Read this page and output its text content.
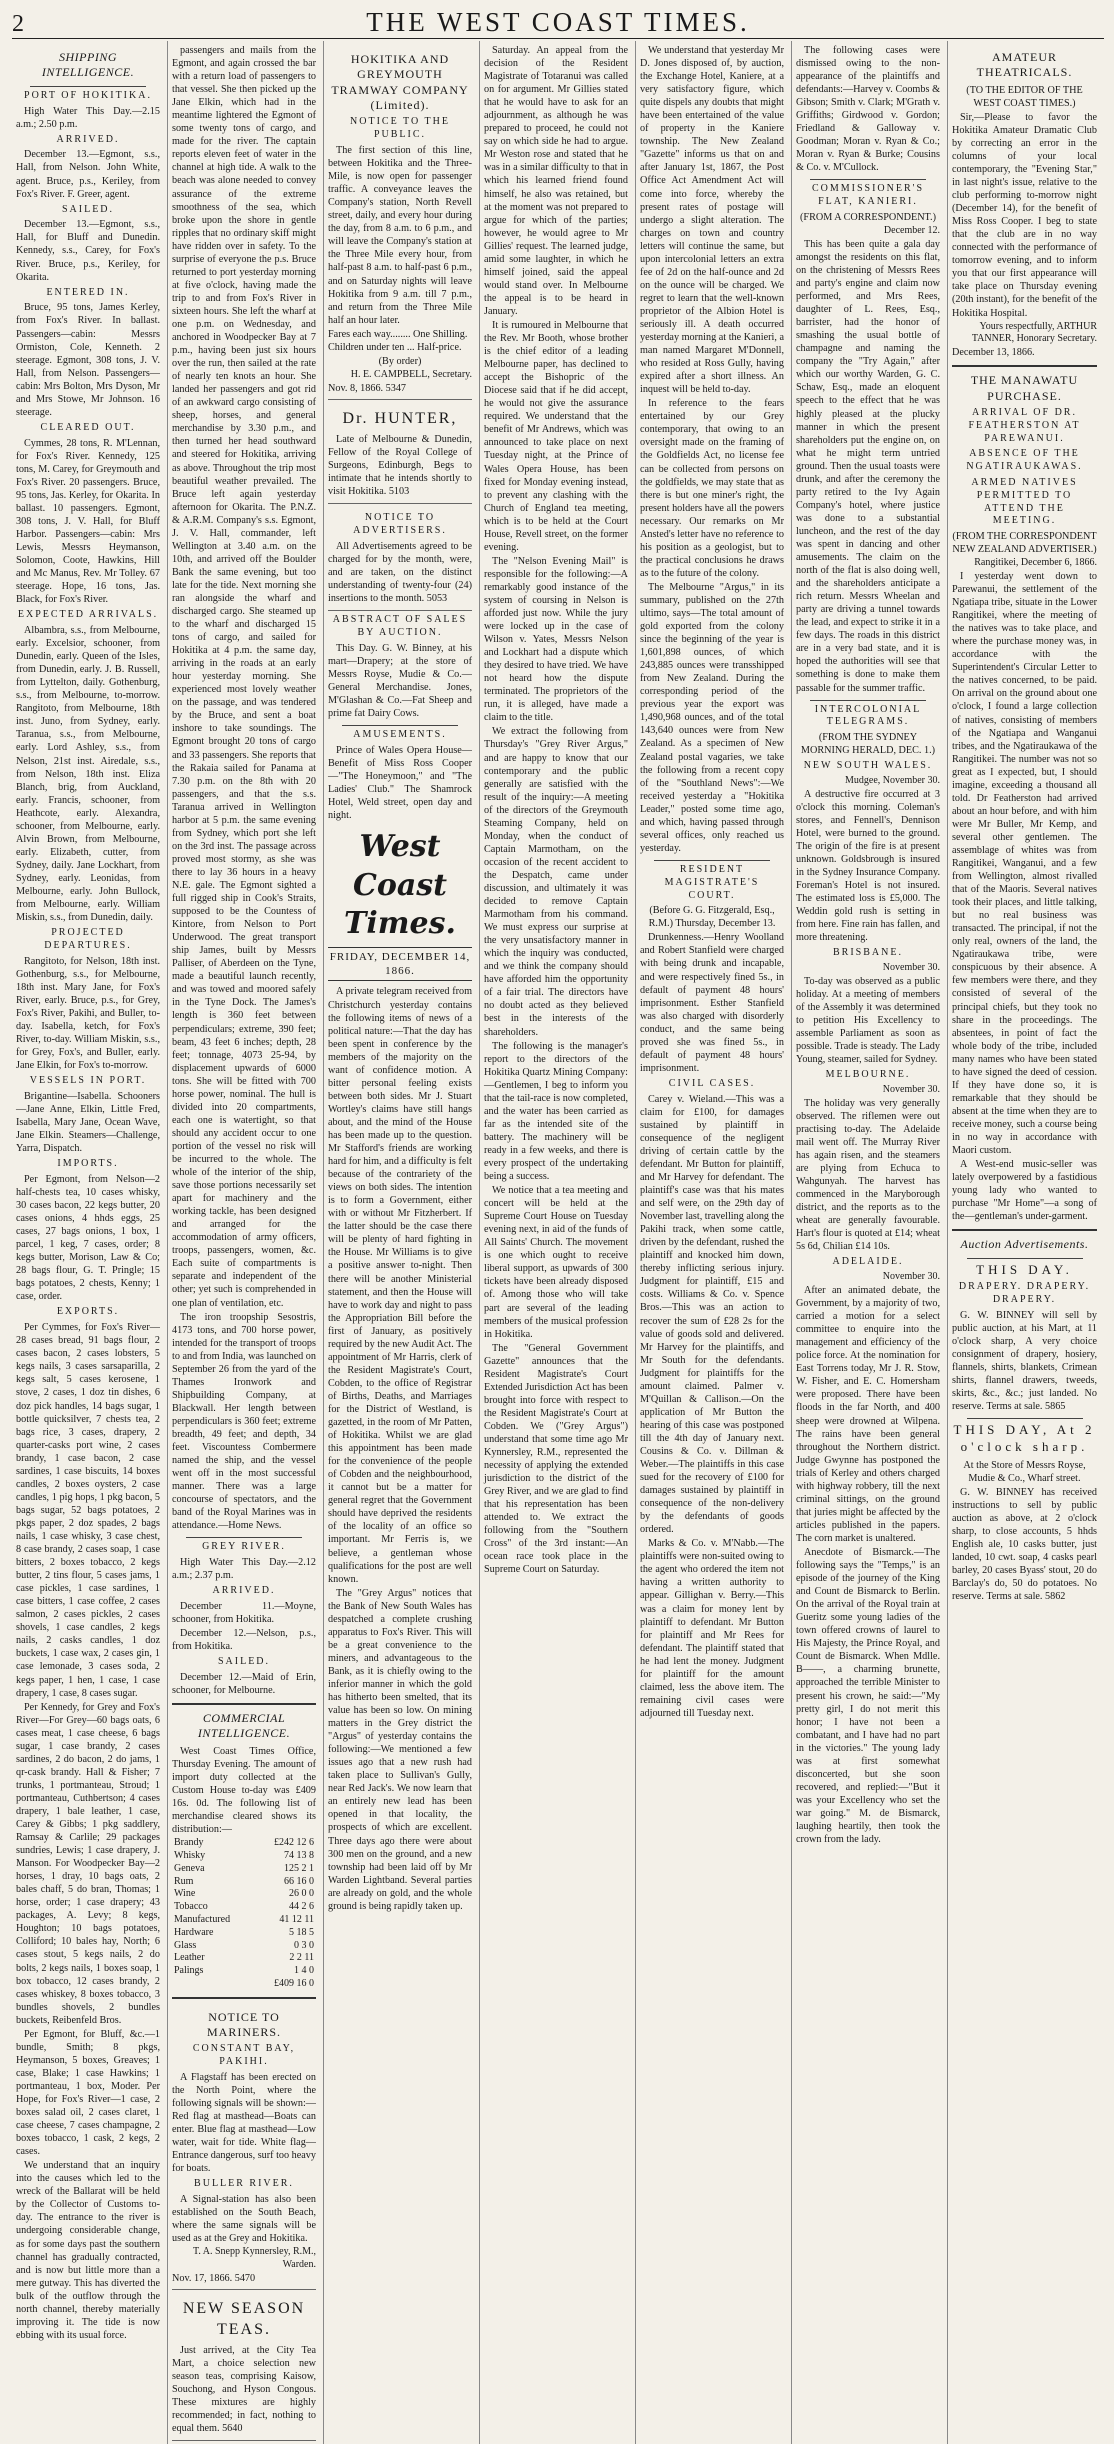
2	THE WEST COAST TIMES.
SHIPPING INTELLIGENCE.
PORT OF HOKITIKA.

High Water This Day.—2.15 a.m.; 2.50 p.m.

ARRIVED.

December 13.—Egmont, s.s., Hall, from Nelson. John White, agent. Bruce, p.s., Keriley, from Fox's River. F. Greer, agent.

SAILED.

December 13.—Egmont, s.s., Hall, for Bluff and Dunedin. Kennedy, s.s., Carey, for Fox's River. Bruce, p.s., Keriley, for Okarita.

ENTERED IN.

Bruce, 95 tons, James Kerley, from Fox's River. In ballast. Passengers—cabin: Messrs Ormiston, Cole, Kenneth. 2 steerage. Egmont, 308 tons, J. V. Hall, from Nelson. Passengers—cabin: Mrs Bolton, Mrs Dyson, Mr and Mrs Stowe, Mr Johnson. 16 steerage.

CLEARED OUT.

Cymmes, 28 tons, R. M'Lennan, for Fox's River. Kennedy, 125 tons, M. Carey, for Greymouth and Fox's River. 20 passengers. Bruce, 95 tons, Jas. Kerley, for Okarita. In ballast. 10 passengers. Egmont, 308 tons, J. V. Hall, for Bluff Harbor. Passengers—cabin: Mrs Lewis, Messrs Heymanson, Solomon, Coote, Hawkins, Hill and Mc Manus, Rev. Mr Tolley. 67 steerage. Hope, 16 tons, Jas. Black, for Fox's River.

EXPECTED ARRIVALS.

Albambra, s.s., from Melbourne, early. Excelsior, schooner, from Dunedin, early. Queen of the Isles, from Dunedin, early. J. B. Russell, from Lyttelton, daily. Gothenburg, s.s., from Melbourne, to-morrow. Rangitoto, from Melbourne, 18th inst. Juno, from Sydney, early. Taranua, s.s., from Melbourne, early. Lord Ashley, s.s., from Nelson, 21st inst. Airedale, s.s., from Nelson, 18th inst. Eliza Blanch, brig, from Auckland, early. Francis, schooner, from Heathcote, early. Alexandra, schooner, from Melbourne, early. Alvin Brown, from Melbourne, early. Elizabeth, cutter, from Sydney, daily. Jane Lockhart, from Sydney, early. Leonidas, from Melbourne, early. John Bullock, from Melbourne, early. William Miskin, s.s., from Dunedin, daily.

PROJECTED DEPARTURES.

Rangitoto, for Nelson, 18th inst. Gothenburg, s.s., for Melbourne, 18th inst. Mary Jane, for Fox's River, early. Bruce, p.s., for Grey, Fox's River, Pakihi, and Buller, to-day. Isabella, ketch, for Fox's River, to-day. William Miskin, s.s., for Grey, Fox's, and Buller, early. Jane Elkin, for Fox's to-morrow.

VESSELS IN PORT.

Brigantine—Isabella. Schooners—Jane Anne, Elkin, Little Fred, Isabella, Mary Jane, Ocean Wave, Jane Elkin. Steamers—Challenge, Yarra, Dispatch.

IMPORTS.

Per Egmont, from Nelson—2 half-chests tea, 10 cases whisky, 30 cases bacon, 22 kegs butter, 20 cases onions, 4 hhds eggs, 25 cases, 27 bags onions, 1 box, 1 parcel, 1 keg, 7 cases, order; 8 kegs butter, Morison, Law & Co; 28 bags flour, G. T. Pringle; 15 bags potatoes, 2 chests, Kenny; 1 case, order.

EXPORTS.

Per Cymmes, for Fox's River—28 cases bread, 91 bags flour, 2 cases bacon, 2 cases lobsters, 5 kegs nails, 3 cases sarsaparilla, 2 kegs salt, 5 cases kerosene, 1 stove, 2 cases, 1 doz tin dishes, 6 doz pick handles, 14 bags sugar, 1 bottle quicksilver, 7 chests tea, 2 bags rice, 3 cases, drapery, 2 quarter-casks port wine, 2 cases brandy, 1 case bacon, 2 case sardines, 1 case biscuits, 14 boxes candles, 2 boxes oysters, 2 case candles, 1 pig hops, 1 pkg bacon, 5 bags sugar, 52 bags potatoes, 2 pkgs paper, 2 doz spades, 2 bags nails, 1 case whisky, 3 case chest, 8 case brandy, 2 cases soap, 1 case bitters, 2 boxes tobacco, 2 kegs butter, 2 tins flour, 5 cases jams, 1 case pickles, 1 case sardines, 1 case bitters, 1 case coffee, 2 cases salmon, 2 cases pickles, 2 cases shovels, 1 case candles, 2 kegs nails, 2 casks candles, 1 doz buckets, 1 case wax, 2 cases gin, 1 case lemonade, 3 cases soda, 2 kegs paper, 1 hen, 1 case, 1 case drapery, 1 case, 8 cases sugar.

Per Kennedy, for Grey and Fox's River—For Grey—60 bags oats, 6 cases meat, 1 case cheese, 6 bags sugar, 1 case brandy, 2 cases sardines, 2 do bacon, 2 do jams, 1 qr-cask brandy. Hall & Fisher; 7 trunks, 1 portmanteau, Stroud; 1 portmanteau, Cuthbertson; 4 cases drapery, 1 bale leather, 1 case, Carey & Gibbs; 1 pkg saddlery, Ramsay & Carlile; 29 packages sundries, Lewis; 1 case drapery, J. Manson. For Woodpecker Bay—2 horses, 1 dray, 10 bags oats, 2 bales chaff, 5 do bran, Thomas; 1 horse, order; 1 case drapery; 43 packages, A. Levy; 8 kegs, Houghton; 10 bags potatoes, Colliford; 10 bales hay, North; 6 cases stout, 5 kegs nails, 2 do bolts, 2 kegs nails, 1 boxes soap, 1 box tobacco, 12 cases brandy, 2 cases whiskey, 8 boxes tobacco, 3 bundles shovels, 2 bundles buckets, Reibenfeld Bros.

Per Egmont, for Bluff, &c.—1 bundle, Smith; 8 pkgs, Heymanson, 5 boxes, Greaves; 1 case, Blake; 1 case Hawkins; 1 portmanteau, 1 box, Moder. Per Hope, for Fox's River—1 case, 2 boxes salad oil, 2 cases claret, 1 case cheese, 7 cases champagne, 2 boxes tobacco, 1 cask, 2 kegs, 2 cases.

We understand that an inquiry into the causes which led to the wreck of the Ballarat will be held by the Collector of Customs to-day. The entrance to the river is undergoing considerable change, as for some days past the southern channel has gradually contracted, and is now but little more than a mere gutway. This has diverted the bulk of the outflow through the north channel, thereby materially improving it. The tide is now ebbing with its usual force.

passengers and mails from the Egmont, and again crossed the bar with a return load of passengers to that vessel. She then picked up the Jane Elkin, which had in the meantime lightered the Egmont of some twenty tons of cargo, and made for the river. The captain reports eleven feet of water in the channel at high tide. A walk to the beach was alone needed to convey assurance of the extreme smoothness of the sea, which broke upon the shore in gentle ripples that no ordinary skiff might have ridden over in safety. To the surprise of everyone the p.s. Bruce returned to port yesterday morning at five o'clock, having made the trip to and from Fox's River in sixteen hours. She left the wharf at one p.m. on Wednesday, and anchored in Woodpecker Bay at 7 p.m., having been just six hours over the run, then sailed at the rate of nearly ten knots an hour. She landed her passengers and got rid of an awkward cargo consisting of sheep, horses, and general merchandise by 3.30 p.m., and then turned her head southward and steered for Hokitika, arriving as above. Throughout the trip most beautiful weather prevailed. The Bruce left again yesterday afternoon for Okarita. The P.N.Z. & A.R.M. Company's s.s. Egmont, J. V. Hall, commander, left Wellington at 3.40 a.m. on the 10th, and arrived off the Boulder Bank the same evening, but too late for the tide. Next morning she ran alongside the wharf and discharged cargo. She steamed up to the wharf and discharged 15 tons of cargo, and sailed for Hokitika at 4 p.m. the same day, arriving in the roads at an early hour yesterday morning. She experienced most lovely weather on the passage, and was tendered by the Bruce, and sent a boat inshore to take soundings. The Egmont brought 20 tons of cargo and 33 passengers. She reports that the Rakaia sailed for Panama at 7.30 p.m. on the 8th with 20 passengers, and that the s.s. Taranua arrived in Wellington harbor at 5 p.m. the same evening from Sydney, which port she left on the 3rd inst. The passage across proved most stormy, as she was there to lay 36 hours in a heavy N.E. gale. The Egmont sighted a full rigged ship in Cook's Straits, supposed to be the Countess of Kintore, from Nelson to Port Underwood. The great transport ship James, built by Messrs Palliser, of Aberdeen on the Tyne, made a beautiful launch recently, and was towed and moored safely in the Tyne Dock. The James's length is 360 feet between perpendiculars; extreme, 390 feet; beam, 43 feet 6 inches; depth, 28 feet; tonnage, 4073 25-94, by displacement upwards of 6000 tons. She will be fitted with 700 horse power, nominal. The hull is divided into 20 compartments, each one is watertight, so that should any accident occur to one portion of the vessel no risk will be incurred to the whole. The whole of the interior of the ship, save those portions necessarily set apart for machinery and the working tackle, has been designed and arranged for the accommodation of army officers, troops, passengers, women, &c. Each suite of compartments is separate and independent of the other; yet such is comprehended in one plan of ventilation, etc.

The iron troopship Sesostris, 4173 tons, and 700 horse power, intended for the transport of troops to and from India, was launched on September 26 from the yard of the Thames Ironwork and Shipbuilding Company, at Blackwall. Her length between perpendiculars is 360 feet; extreme breadth, 49 feet; and depth, 34 feet. Viscountess Combermere named the ship, and the vessel went off in the most successful manner. There was a large concourse of spectators, and the band of the Royal Marines was in attendance.—Home News.

GREY RIVER.

High Water This Day.—2.12 a.m.; 2.37 p.m.

ARRIVED.

December 11.—Moyne, schooner, from Hokitika.

December 12.—Nelson, p.s., from Hokitika.

SAILED.

December 12.—Maid of Erin, schooner, for Melbourne.

COMMERCIAL INTELLIGENCE.

West Coast Times Office, Thursday Evening. The amount of import duty collected at the Custom House to-day was £409 16s. 0d. The following list of merchandise cleared shows its distribution:—

Brandy	£242 12 6
Whisky	74 13 8
Geneva	125 2 1
Rum	66 16 0
Wine	26 0 0
Tobacco	44 2 6
Manufactured	41 12 11
Hardware	5 18 5
Glass	0 3 0
Leather	2 2 11
Palings	1 4 0
	£409 16 0
NOTICE TO MARINERS.
CONSTANT BAY, PAKIHI.

A Flagstaff has been erected on the North Point, where the following signals will be shown:— Red flag at masthead—Boats can enter. Blue flag at masthead—Low water, wait for tide. White flag—Entrance dangerous, surf too heavy for boats.

BULLER RIVER.

A Signal-station has also been established on the South Beach, where the same signals will be used as at the Grey and Hokitika.

T. A. Snepp Kynnersley, R.M., Warden.
Nov. 17, 1866. 5470
NEW SEASON TEAS.

Just arrived, at the City Tea Mart, a choice selection new season teas, comprising Kaisow, Souchong, and Hyson Congous. These mixtures are highly recommended; in fact, nothing to equal them. 5640

HOKITIKA AND GREYMOUTH TRAMWAY COMPANY (Limited).
NOTICE TO THE PUBLIC.

The first section of this line, between Hokitika and the Three-Mile, is now open for passenger traffic. A conveyance leaves the Company's station, North Revell street, daily, and every hour during the day, from 8 a.m. to 6 p.m., and will leave the Company's station at the Three Mile every hour, from half-past 8 a.m. to half-past 6 p.m., and on Saturday nights will leave Hokitika from 9 a.m. till 7 p.m., and return from the Three Mile half an hour later.

Fares each way........ One Shilling.
Children under ten ... Half-price.
(By order)
H. E. CAMPBELL, Secretary.
Nov. 8, 1866. 5347
Dr. HUNTER,

Late of Melbourne & Dunedin, Fellow of the Royal College of Surgeons, Edinburgh, Begs to intimate that he intends shortly to visit Hokitika. 5103

NOTICE TO ADVERTISERS.

All Advertisements agreed to be charged for by the month, were, and are taken, on the distinct understanding of twenty-four (24) insertions to the month. 5053

ABSTRACT OF SALES BY AUCTION.

This Day. G. W. Binney, at his mart—Drapery; at the store of Messrs Royse, Mudie & Co.—General Merchandise. Jones, M'Glashan & Co.—Fat Sheep and prime fat Dairy Cows.

AMUSEMENTS.

Prince of Wales Opera House—Benefit of Miss Ross Cooper—"The Honeymoon," and "The Ladies' Club." The Shamrock Hotel, Weld street, open day and night.

West Coast Times.
FRIDAY, DECEMBER 14, 1866.

A private telegram received from Christchurch yesterday contains the following items of news of a political nature:—That the day has been spent in conference by the members of the majority on the want of confidence motion. A bitter personal feeling exists between both sides. Mr J. Stuart Wortley's claims have still hangs about, and the mind of the House has been made up to the question. Mr Stafford's friends are working hard for him, and a difficulty is felt because of the contrariety of the views on both sides. The intention is to form a Government, either with or without Mr Fitzherbert. If the latter should be the case there will be plenty of hard fighting in the House. Mr Williams is to give a positive answer to-night. Then there will be another Ministerial statement, and then the House will have to work day and night to pass the Appropriation Bill before the first of January, as positively required by the new Audit Act. The appointment of Mr Harris, clerk of the Resident Magistrate's Court, Cobden, to the office of Registrar of Births, Deaths, and Marriages for the District of Westland, is gazetted, in the room of Mr Patten, of Hokitika. Whilst we are glad this appointment has been made for the convenience of the people of Cobden and the neighbourhood, it cannot but be a matter for general regret that the Government should have deprived the residents of the locality of an office so important. Mr Ferris is, we believe, a gentleman whose qualifications for the post are well known.

The "Grey Argus" notices that the Bank of New South Wales has despatched a complete crushing apparatus to Fox's River. This will be a great convenience to the miners, and advantageous to the Bank, as it is chiefly owing to the inferior manner in which the gold has hitherto been smelted, that its value has been so low. On mining matters in the Grey district the "Argus" of yesterday contains the following:—We mentioned a few issues ago that a new rush had taken place to Sullivan's Gully, near Red Jack's. We now learn that an entirely new lead has been opened in that locality, the prospects of which are excellent. Three days ago there were about 300 men on the ground, and a new township had been laid off by Mr Warden Lightband. Several parties are already on gold, and the whole ground is being rapidly taken up.

Saturday. An appeal from the decision of the Resident Magistrate of Totaranui was called on for argument. Mr Gillies stated that he would have to ask for an adjournment, as although he was prepared to proceed, he could not say on which side he had to argue. Mr Weston rose and stated that he was in a similar difficulty to that in which his learned friend found himself, he also was retained, but at the moment was not prepared to argue for which of the parties; however, he would agree to Mr Gillies' request. The learned judge, amid some laughter, in which he himself joined, said the appeal would stand over. In Melbourne the appeal is to be heard in January.

It is rumoured in Melbourne that the Rev. Mr Booth, whose brother is the chief editor of a leading Melbourne paper, has declined to accept the Bishopric of the Diocese said that if he did accept, he would not give the assurance required. We understand that the benefit of Mr Andrews, which was announced to take place on next Tuesday night, at the Prince of Wales Opera House, has been fixed for Monday evening instead, to prevent any clashing with the Church of England tea meeting, which is to be held at the Court House, Revell street, on the former evening.

The "Nelson Evening Mail" is responsible for the following:—A remarkably good instance of the system of coursing in Nelson is afforded just now. While the jury were locked up in the case of Wilson v. Yates, Messrs Nelson and Lockhart had a dispute which they desired to have tried. We have not heard how the dispute terminated. The proprietors of the run, it is alleged, have made a claim to the title.

We extract the following from Thursday's "Grey River Argus," and are happy to know that our contemporary and the public generally are satisfied with the result of the inquiry:—A meeting of the directors of the Greymouth Steaming Company, held on Monday, when the conduct of Captain Marmotham, on the occasion of the recent accident to the Despatch, came under discussion, and ultimately it was decided to remove Captain Marmotham from his command. We must express our surprise at the very unsatisfactory manner in which the inquiry was conducted, and we think the company should have afforded him the opportunity of a fair trial. The directors have no doubt acted as they believed best in the interests of the shareholders.

The following is the manager's report to the directors of the Hokitika Quartz Mining Company:—Gentlemen, I beg to inform you that the tail-race is now completed, and the water has been carried as far as the intended site of the battery. The machinery will be ready in a few weeks, and there is every prospect of the undertaking being a success.

We notice that a tea meeting and concert will be held at the Supreme Court House on Tuesday evening next, in aid of the funds of All Saints' Church. The movement is one which ought to receive liberal support, as upwards of 300 tickets have been already disposed of. Among those who will take part are several of the leading members of the musical profession in Hokitika.

The "General Government Gazette" announces that the Resident Magistrate's Court Extended Jurisdiction Act has been brought into force with respect to the Resident Magistrate's Court at Cobden. We ("Grey Argus") understand that some time ago Mr Kynnersley, R.M., represented the necessity of applying the extended jurisdiction to the district of the Grey River, and we are glad to find that his representation has been attended to. We extract the following from the "Southern Cross" of the 3rd instant:—An ocean race took place in the Supreme Court on Saturday.

We understand that yesterday Mr D. Jones disposed of, by auction, the Exchange Hotel, Kaniere, at a very satisfactory figure, which quite dispels any doubts that might have been entertained of the value of property in the Kaniere township. The New Zealand "Gazette" informs us that on and after January 1st, 1867, the Post Office Act Amendment Act will come into force, whereby the present rates of postage will undergo a slight alteration. The charges on town and country letters will continue the same, but upon intercolonial letters an extra fee of 2d on the half-ounce and 2d on the ounce will be charged. We regret to learn that the well-known proprietor of the Albion Hotel is seriously ill. A death occurred yesterday morning at the Kanieri, a man named Margaret M'Donnell, who resided at Ross Gully, having expired after a short illness. An inquest will be held to-day.

In reference to the fears entertained by our Grey contemporary, that owing to an oversight made on the framing of the Goldfields Act, no license fee can be collected from persons on the goldfields, we may state that as there is but one miner's right, the present holders have all the powers necessary. Our remarks on Mr Ansted's letter have no reference to his position as a geologist, but to the practical conclusions he draws as to the future of the colony.

The Melbourne "Argus," in its summary, published on the 27th ultimo, says—The total amount of gold exported from the colony since the beginning of the year is 1,601,898 ounces, of which 243,885 ounces were transshipped from New Zealand. During the corresponding period of the previous year the export was 1,490,968 ounces, and of the total 143,640 ounces were from New Zealand. As a specimen of New Zealand postal vagaries, we take the following from a recent copy of the "Southland News":—We received yesterday a "Hokitika Leader," posted some time ago, and which, having passed through several offices, only reached us yesterday.

RESIDENT MAGISTRATE'S COURT.
(Before G. G. Fitzgerald, Esq., R.M.) Thursday, December 13.

Drunkenness.—Henry Woolland and Robert Stanfield were charged with being drunk and incapable, and were respectively fined 5s., in default of payment 48 hours' imprisonment. Esther Stanfield was also charged with disorderly conduct, and the same being proved she was fined 5s., in default of payment 48 hours' imprisonment.

CIVIL CASES.

Carey v. Wieland.—This was a claim for £100, for damages sustained by plaintiff in consequence of the negligent driving of certain cattle by the defendant. Mr Button for plaintiff, and Mr Harvey for defendant. The plaintiff's case was that his mates and self were, on the 29th day of November last, travelling along the Pakihi track, when some cattle, driven by the defendant, rushed the plaintiff and knocked him down, thereby inflicting serious injury. Judgment for plaintiff, £15 and costs. Williams & Co. v. Spence Bros.—This was an action to recover the sum of £28 2s for the value of goods sold and delivered. Mr Harvey for the plaintiffs, and Mr South for the defendants. Judgment for plaintiffs for the amount claimed. Palmer v. M'Quillan & Callison.—On the application of Mr Button the hearing of this case was postponed till the 4th day of January next. Cousins & Co. v. Dillman & Weber.—The plaintiffs in this case sued for the recovery of £100 for damages sustained by plaintiff in consequence of the non-delivery by the defendants of goods ordered.

Marks & Co. v. M'Nabb.—The plaintiffs were non-suited owing to the agent who ordered the item not having a written authority to appear. Gillighan v. Berry.—This was a claim for money lent by plaintiff to defendant. Mr Button for plaintiff and Mr Rees for defendant. The plaintiff stated that he had lent the money. Judgment for plaintiff for the amount claimed, less the above item. The remaining civil cases were adjourned till Tuesday next.

The following cases were dismissed owing to the non-appearance of the plaintiffs and defendants:—Harvey v. Coombs & Gibson; Smith v. Clark; M'Grath v. Griffiths; Girdwood v. Gordon; Friedland & Galloway v. Goodman; Moran v. Ryan & Co.; Moran v. Ryan & Burke; Cousins & Co. v. M'Cullock.

COMMISSIONER'S FLAT, KANIERI.
(FROM A CORRESPONDENT.)
December 12.

This has been quite a gala day amongst the residents on this flat, on the christening of Messrs Rees and party's engine and claim now performed, and Mrs Rees, daughter of L. Rees, Esq., barrister, had the honor of smashing the usual bottle of champagne and naming the company the "Try Again," after which our worthy Warden, G. C. Schaw, Esq., made an eloquent speech to the effect that he was highly pleased at the plucky manner in which the present shareholders put the engine on, on what he might term untried ground. Then the usual toasts were drunk, and after the ceremony the party retired to the Ivy Again Company's hotel, where justice was done to a substantial luncheon, and the rest of the day was spent in dancing and other amusements. The claim on the north of the flat is also doing well, and the shareholders anticipate a rich return. Messrs Wheelan and party are driving a tunnel towards the lead, and expect to strike it in a few days. The roads in this district are in a very bad state, and it is hoped the authorities will see that something is done to make them passable for the summer traffic.

INTERCOLONIAL TELEGRAMS.
(FROM THE SYDNEY MORNING HERALD, DEC. 1.)
NEW SOUTH WALES.
Mudgee, November 30.

A destructive fire occurred at 3 o'clock this morning. Coleman's stores, and Fennell's, Dennison Hotel, were burned to the ground. The origin of the fire is at present unknown. Goldsbrough is insured in the Sydney Insurance Company. Foreman's Hotel is not insured. The estimated loss is £5,000. The Weddin gold rush is setting in from here. Fine rain has fallen, and more threatening.

BRISBANE.
November 30.

To-day was observed as a public holiday. At a meeting of members of the Assembly it was determined to petition His Excellency to assemble Parliament as soon as possible. Trade is steady. The Lady Young, steamer, sailed for Sydney.

MELBOURNE.
November 30.

The holiday was very generally observed. The riflemen were out practising to-day. The Adelaide mail went off. The Murray River has again risen, and the steamers are plying from Echuca to Wahgunyah. The harvest has commenced in the Maryborough district, and the reports as to the wheat are generally favourable. Hart's flour is quoted at £14; wheat 5s 6d, Chilian £14 10s.

ADELAIDE.
November 30.

After an animated debate, the Government, by a majority of two, carried a motion for a select committee to enquire into the management and efficiency of the police force. At the nomination for East Torrens today, Mr J. R. Stow, W. Fisher, and E. C. Homersham were proposed. There have been floods in the far North, and 400 sheep were drowned at Wilpena. The rains have been general throughout the Northern district. Judge Gwynne has postponed the trials of Kerley and others charged with highway robbery, till the next criminal sittings, on the ground that juries might be affected by the articles published in the papers. The corn market is unaltered.

Anecdote of Bismarck.—The following says the "Temps," is an episode of the journey of the King and Count de Bismarck to Berlin. On the arrival of the Royal train at Gueritz some young ladies of the town offered crowns of laurel to His Majesty, the Prince Royal, and Count de Bismarck. When Mdlle. B——, a charming brunette, approached the terrible Minister to present his crown, he said:—"My pretty girl, I do not merit this honor; I have not been a combatant, and I have had no part in the victories." The young lady was at first somewhat disconcerted, but she soon recovered, and replied:—"But it was your Excellency who set the war going." M. de Bismarck, laughing heartily, then took the crown from the lady.

AMATEUR THEATRICALS.
(TO THE EDITOR OF THE WEST COAST TIMES.)

Sir,—Please to favor the Hokitika Amateur Dramatic Club by correcting an error in the columns of your local contemporary, the "Evening Star," in last night's issue, relative to the club performing to-morrow night (December 14), for the benefit of Miss Ross Cooper. I beg to state that the club are in no way connected with the performance of tomorrow evening, and to inform you that our first appearance will take place on Thursday evening (20th instant), for the benefit of the Hokitika Hospital.

Yours respectfully, ARTHUR TANNER, Honorary Secretary.
December 13, 1866.
THE MANAWATU PURCHASE.
ARRIVAL OF DR. FEATHERSTON AT PAREWANUI.
ABSENCE OF THE NGATIRAUKAWAS.
ARMED NATIVES PERMITTED TO ATTEND THE MEETING.
(FROM THE CORRESPONDENT NEW ZEALAND ADVERTISER.)
Rangitikei, December 6, 1866.

I yesterday went down to Parewanui, the settlement of the Ngatiapa tribe, situate in the Lower Rangitikei, where the meeting of the natives was to take place, and where the purchase money was, in accordance with the Superintendent's Circular Letter to the natives concerned, to be paid. On arrival on the ground about one o'clock, I found a large collection of natives, consisting of members of the Ngatiapa and Wanganui tribes, and the Ngatiraukawa of the Rangitikei. The number was not so great as I expected, but, I should imagine, exceeding a thousand all told. Dr Featherston had arrived about an hour before, and with him were Mr Buller, Mr Kemp, and several other gentlemen. The assemblage of whites was from Rangitikei, Wanganui, and a few from Wellington, almost rivalled that of the Maoris. Several natives took their places, and little talking, but no real business was transacted. The principal, if not the only real, owners of the land, the Ngatiraukawa tribe, were conspicuous by their absence. A few members were there, and they consisted of several of the principal chiefs, but they took no share in the proceedings. The absentees, in point of fact the whole body of the tribe, included many names who have been stated to have signed the deed of cession. If they have done so, it is remarkable that they should be absent at the time when they are to receive money, such a course being in no way in accordance with Maori custom.

A West-end music-seller was lately overpowered by a fastidious young lady who wanted to purchase "Mr Home"—a song of the—gentleman's under-garment.

Auction Advertisements.
THIS DAY.
DRAPERY. DRAPERY. DRAPERY.

G. W. BINNEY will sell by public auction, at his Mart, at 11 o'clock sharp, A very choice consignment of drapery, hosiery, flannels, shirts, blankets, Crimean shirts, flannel drawers, tweeds, skirts, &c., &c.; just landed. No reserve. Terms at sale. 5865

THIS DAY, At 2 o'clock sharp.
At the Store of Messrs Royse, Mudie & Co., Wharf street.

G. W. BINNEY has received instructions to sell by public auction as above, at 2 o'clock sharp, to close accounts, 5 hhds English ale, 10 casks butter, just landed, 10 cwt. soap, 4 casks pearl barley, 20 cases Byass' stout, 20 do Barclay's do, 50 do potatoes. No reserve. Terms at sale. 5862
